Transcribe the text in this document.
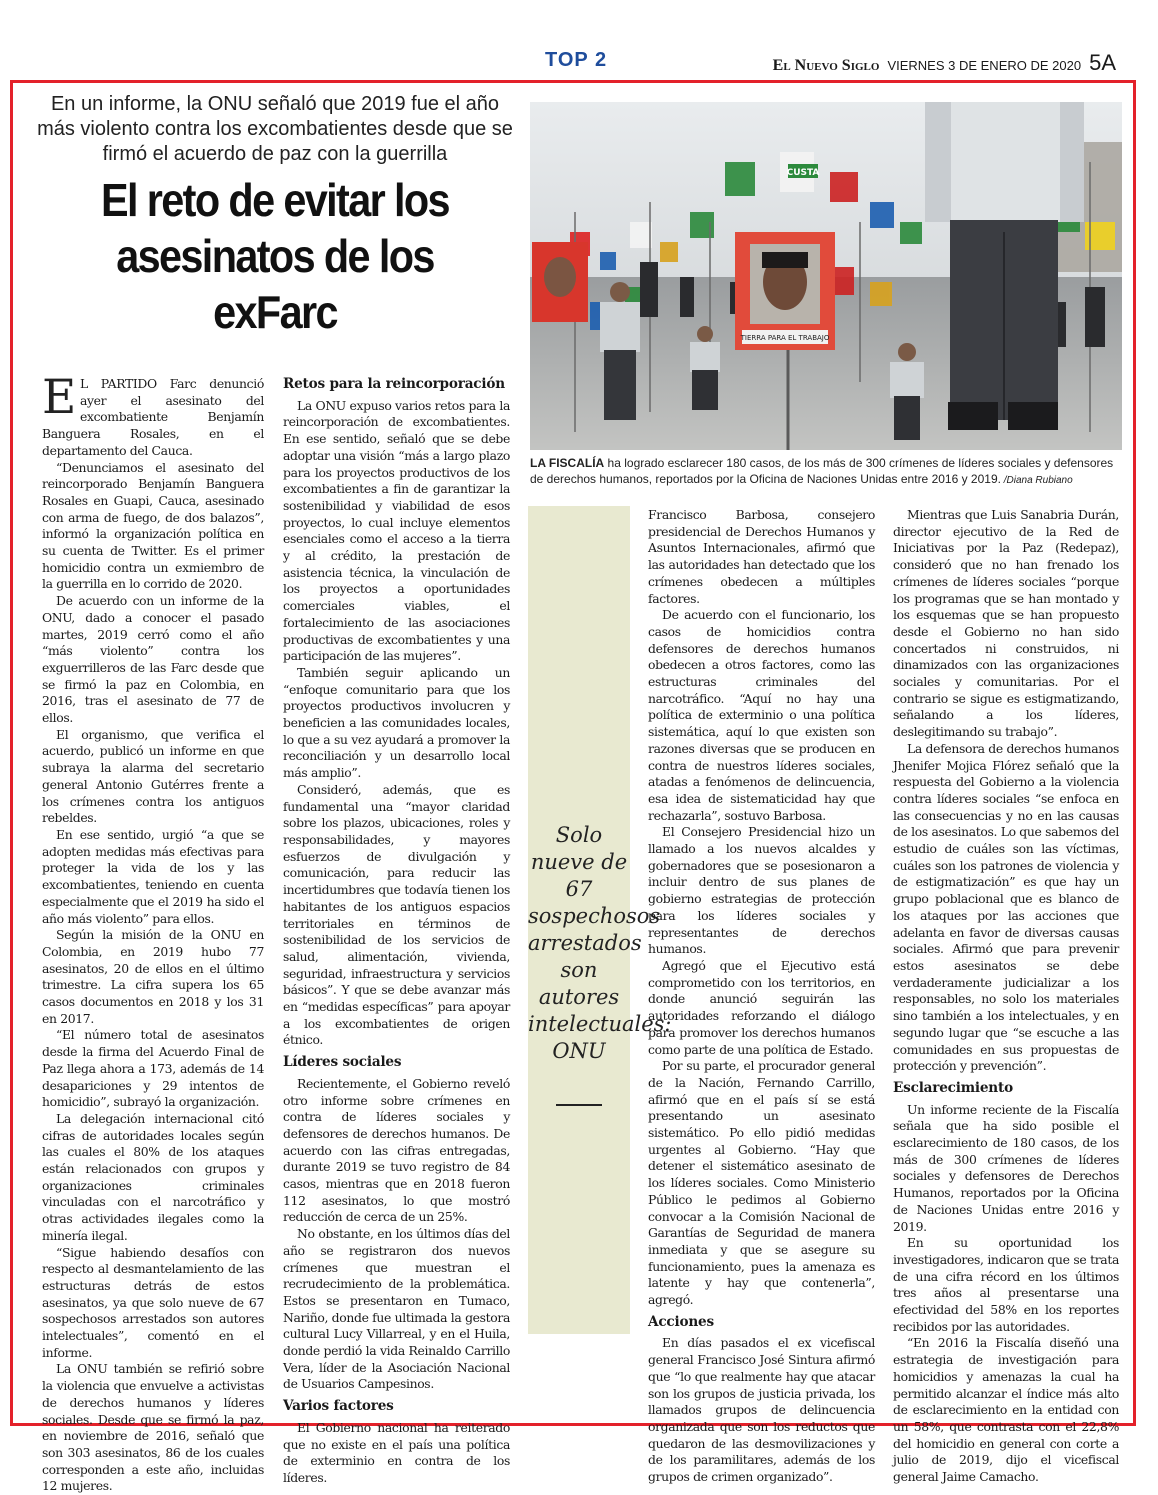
TOP 2	El Nuevo Siglo VIERNES 3 DE ENERO DE 2020 5A
En un informe, la ONU señaló que 2019 fue el año más violento contra los excombatientes desde que se firmó el acuerdo de paz con la guerrilla
El reto de evitar los asesinatos de los exFarc	TIERRA PARA EL TRABAJO
CUSTA
LA FISCALÍA ha logrado esclarecer 180 casos, de los más de 300 crímenes de líderes sociales y defensores de derechos humanos, reportados por la Oficina de Naciones Unidas entre 2016 y 2019. /Diana Rubiano
E L PARTIDO Farc denunció ayer el asesinato del excombatiente Benjamín Banguera Rosales, en el departamento del Cauca.

“Denunciamos el asesinato del reincorporado Benjamín Banguera Rosales en Guapi, Cauca, asesinado con arma de fuego, de dos balazos”, informó la organización política en su cuenta de Twitter. Es el primer homicidio contra un exmiembro de la guerrilla en lo corrido de 2020.

De acuerdo con un informe de la ONU, dado a conocer el pasado martes, 2019 cerró como el año “más violento” contra los exguerrilleros de las Farc desde que se firmó la paz en Colombia, en 2016, tras el asesinato de 77 de ellos.

El organismo, que verifica el acuerdo, publicó un informe en que subraya la alarma del secretario general Antonio Gutérres frente a los crímenes contra los antiguos rebeldes.

En ese sentido, urgió “a que se adopten medidas más efectivas para proteger la vida de los y las excombatientes, teniendo en cuenta especialmente que el 2019 ha sido el año más violento” para ellos.

Según la misión de la ONU en Colombia, en 2019 hubo 77 asesinatos, 20 de ellos en el último trimestre. La cifra supera los 65 casos documentos en 2018 y los 31 en 2017.

“El número total de asesinatos desde la firma del Acuerdo Final de Paz llega ahora a 173, además de 14 desapariciones y 29 intentos de homicidio”, subrayó la organización.

La delegación internacional citó cifras de autoridades locales según las cuales el 80% de los ataques están relacionados con grupos y organizaciones criminales vinculadas con el narcotráfico y otras actividades ilegales como la minería ilegal.

“Sigue habiendo desafíos con respecto al desmantelamiento de las estructuras detrás de estos asesinatos, ya que solo nueve de 67 sospechosos arrestados son autores intelectuales”, comentó en el informe.

La ONU también se refirió sobre la violencia que envuelve a activistas de derechos humanos y líderes sociales. Desde que se firmó la paz, en noviembre de 2016, señaló que son 303 asesinatos, 86 de los cuales corresponden a este año, incluidas 12 mujeres.

Retos para la reincorporación

La ONU expuso varios retos para la reincorporación de excombatientes. En ese sentido, señaló que se debe adoptar una visión “más a largo plazo para los proyectos productivos de los excombatientes a fin de garantizar la sostenibilidad y viabilidad de esos proyectos, lo cual incluye elementos esenciales como el acceso a la tierra y al crédito, la prestación de asistencia técnica, la vinculación de los proyectos a oportunidades comerciales viables, el fortalecimiento de las asociaciones productivas de excombatientes y una participación de las mujeres”.

También seguir aplicando un “enfoque comunitario para que los proyectos productivos involucren y beneficien a las comunidades locales, lo que a su vez ayudará a promover la reconciliación y un desarrollo local más amplio”.

Consideró, además, que es fundamental una “mayor claridad sobre los plazos, ubicaciones, roles y responsabilidades, y mayores esfuerzos de divulgación y comunicación, para reducir las incertidumbres que todavía tienen los habitantes de los antiguos espacios territoriales en términos de sostenibilidad de los servicios de salud, alimentación, vivienda, seguridad, infraestructura y servicios básicos”. Y que se debe avanzar más en “medidas específicas” para apoyar a los excombatientes de origen étnico.

Líderes sociales

Recientemente, el Gobierno reveló otro informe sobre crímenes en contra de líderes sociales y defensores de derechos humanos. De acuerdo con las cifras entregadas, durante 2019 se tuvo registro de 84 casos, mientras que en 2018 fueron 112 asesinatos, lo que mostró reducción de cerca de un 25%.

No obstante, en los últimos días del año se registraron dos nuevos crímenes que muestran el recrudecimiento de la problemática. Estos se presentaron en Tumaco, Nariño, donde fue ultimada la gestora cultural Lucy Villarreal, y en el Huila, donde perdió la vida Reinaldo Carrillo Vera, líder de la Asociación Nacional de Usuarios Campesinos.

Varios factores

El Gobierno nacional ha reiterado que no existe en el país una política de exterminio en contra de los líderes.

Solo nueve de 67 sospechosos arrestados son autores intelectuales: ONU

Francisco Barbosa, consejero presidencial de Derechos Humanos y Asuntos Internacionales, afirmó que las autoridades han detectado que los crímenes obedecen a múltiples factores.

De acuerdo con el funcionario, los casos de homicidios contra defensores de derechos humanos obedecen a otros factores, como las estructuras criminales del narcotráfico. “Aquí no hay una política de exterminio o una política sistemática, aquí lo que existen son razones diversas que se producen en contra de nuestros líderes sociales, atadas a fenómenos de delincuencia, esa idea de sistematicidad hay que rechazarla”, sostuvo Barbosa.

El Consejero Presidencial hizo un llamado a los nuevos alcaldes y gobernadores que se posesionaron a incluir dentro de sus planes de gobierno estrategias de protección para los líderes sociales y representantes de derechos humanos.

Agregó que el Ejecutivo está comprometido con los territorios, en donde anunció seguirán las autoridades reforzando el diálogo para promover los derechos humanos como parte de una política de Estado.

Por su parte, el procurador general de la Nación, Fernando Carrillo, afirmó que en el país sí se está presentando un asesinato sistemático. Po ello pidió medidas urgentes al Gobierno. “Hay que detener el sistemático asesinato de los líderes sociales. Como Ministerio Público le pedimos al Gobierno convocar a la Comisión Nacional de Garantías de Seguridad de manera inmediata y que se asegure su funcionamiento, pues la amenaza es latente y hay que contenerla”, agregó.

Acciones

En días pasados el ex vicefiscal general Francisco José Sintura afirmó que “lo que realmente hay que atacar son los grupos de justicia privada, los llamados grupos de delincuencia organizada que son los reductos que quedaron de las desmovilizaciones y de los paramilitares, además de los grupos de crimen organizado”.

Mientras que Luis Sanabria Durán, director ejecutivo de la Red de Iniciativas por la Paz (Redepaz), consideró que no han frenado los crímenes de líderes sociales “porque los programas que se han montado y los esquemas que se han propuesto desde el Gobierno no han sido concertados ni construidos, ni dinamizados con las organizaciones sociales y comunitarias. Por el contrario se sigue es estigmatizando, señalando a los líderes, deslegitimando su trabajo”.

La defensora de derechos humanos Jhenifer Mojica Flórez señaló que la respuesta del Gobierno a la violencia contra líderes sociales “se enfoca en las consecuencias y no en las causas de los asesinatos. Lo que sabemos del estudio de cuáles son las víctimas, cuáles son los patrones de violencia y de estigmatización” es que hay un grupo poblacional que es blanco de los ataques por las acciones que adelanta en favor de diversas causas sociales. Afirmó que para prevenir estos asesinatos se debe verdaderamente judicializar a los responsables, no solo los materiales sino también a los intelectuales, y en segundo lugar que “se escuche a las comunidades en sus propuestas de protección y prevención”.

Esclarecimiento

Un informe reciente de la Fiscalía señala que ha sido posible el esclarecimiento de 180 casos, de los más de 300 crímenes de líderes sociales y defensores de Derechos Humanos, reportados por la Oficina de Naciones Unidas entre 2016 y 2019.

En su oportunidad los investigadores, indicaron que se trata de una cifra récord en los últimos tres años al presentarse una efectividad del 58% en los reportes recibidos por las autoridades.

“En 2016 la Fiscalía diseñó una estrategia de investigación para homicidios y amenazas la cual ha permitido alcanzar el índice más alto de esclarecimiento en la entidad con un 58%, que contrasta con el 22,8% del homicidio en general con corte a julio de 2019, dijo el vicefiscal general Jaime Camacho.
